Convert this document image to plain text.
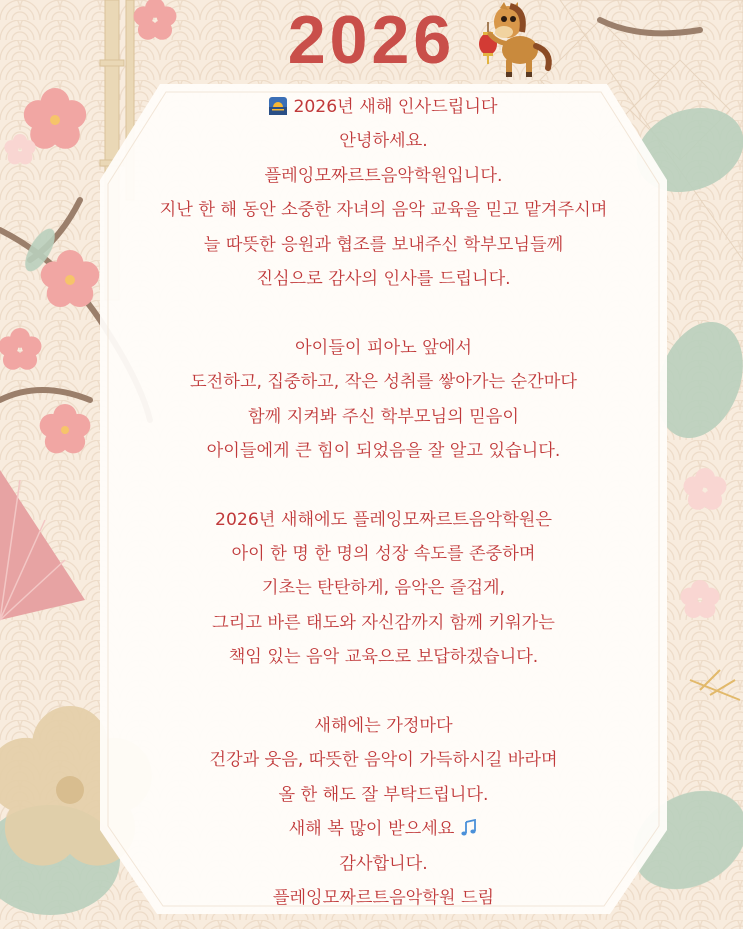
2026
2026년 새해 인사드립니다
안녕하세요.
플레잉모짜르트음악학원입니다.
지난 한 해 동안 소중한 자녀의 음악 교육을 믿고 맡겨주시며
늘 따뜻한 응원과 협조를 보내주신 학부모님들께
진심으로 감사의 인사를 드립니다.
아이들이 피아노 앞에서
도전하고, 집중하고, 작은 성취를 쌓아가는 순간마다
함께 지켜봐 주신 학부모님의 믿음이
아이들에게 큰 힘이 되었음을 잘 알고 있습니다.
2026년 새해에도 플레잉모짜르트음악학원은
아이 한 명 한 명의 성장 속도를 존중하며
기초는 탄탄하게, 음악은 즐겁게,
그리고 바른 태도와 자신감까지 함께 키워가는
책임 있는 음악 교육으로 보답하겠습니다.
새해에는 가정마다
건강과 웃음, 따뜻한 음악이 가득하시길 바라며
올 한 해도 잘 부탁드립니다.
새해 복 많이 받으세요
감사합니다.
플레잉모짜르트음악학원 드림
